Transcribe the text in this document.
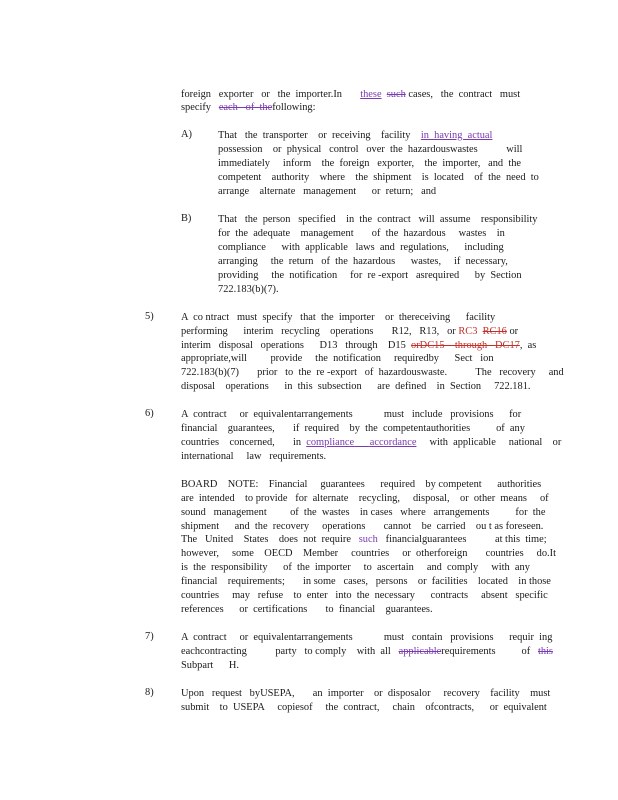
foreign   exporter   or   the  importer.In these such cases,   the  contract   must
specify each   of  thefollowing:
A)	That   the  transporter    or  receiving    facility in  having  actual
possession    or  physical   control   over  the  hazardouswastes           will
immediately     inform    the  foreign   exporter,    the  importer,   and  the
competent    authority    where    the  shipment    is  located    of  the  need  to
arrange    alternate   management      or  return;   and
B)	That   the  person   specified    in  the  contract   will  assume    responsibility
for  the  adequate    management       of  the  hazardous     wastes    in
compliance      with  applicable   laws  and  regulations,      including
arranging     the  return   of  the  hazardous      wastes,     if  necessary,
providing     the  notification     for  re -export   asrequired      by  Section
722.183(b)(7).
5)	A  co ntract   must  specify   that  the  importer    or  thereceiving      facility
performing      interim   recycling    operations       R12,   R13,   or RC3 RC16 or
interim   disposal   operations      D13   through    D15 orDC15    through   DC17,  as
appropriate,will         provide     the  notification     requiredby      Sect   ion
722.183(b)(7)       prior   to  the  re -export   of  hazardouswaste.           The   recovery     and
disposal    operations      in  this  subsection      are  defined    in  Section     722.181.
6)	A  contract     or  equivalentarrangements            must   include   provisions      for
financial    guarantees,       if  required    by  the  competentauthorities          of  any
countries    concerned,       in compliance accordance with  applicable     national    or
international     law   requirements.
BOARD    NOTE:    Financial     guarantees      required    by competent      authorities
are  intended    to provide   for  alternate    recycling,     disposal,    or  other  means     of
sound   management         of  the  wastes    in cases   where   arrangements          for  the
shipment      and  the  recovery     operations       cannot    be  carried    ou t as foreseen.
The   United    States    does  not  require such financialguarantees           at this  time;
however,     some    OECD    Member     countries     or  otherforeign       countries     do.It
is  the  responsibility      of  the  importer     to  ascertain     and  comply     with  any
financial    requirements;       in some   cases,   persons    or  facilities    located    in those
countries     may   refuse    to  enter   into  the  necessary      contracts     absent   specific
references      or  certifications       to  financial    guarantees.
7)	A  contract     or  equivalentarrangements            must   contain   provisions      requir  ing
eachcontracting           party   to comply    with  all applicablerequirements          of this
Subpart      H.
8)	Upon   request   byUSEPA,       an  importer    or  disposalor     recovery    facility    must
submit    to  USEPA     copiesof     the  contract,     chain    ofcontracts,      or  equivalent
